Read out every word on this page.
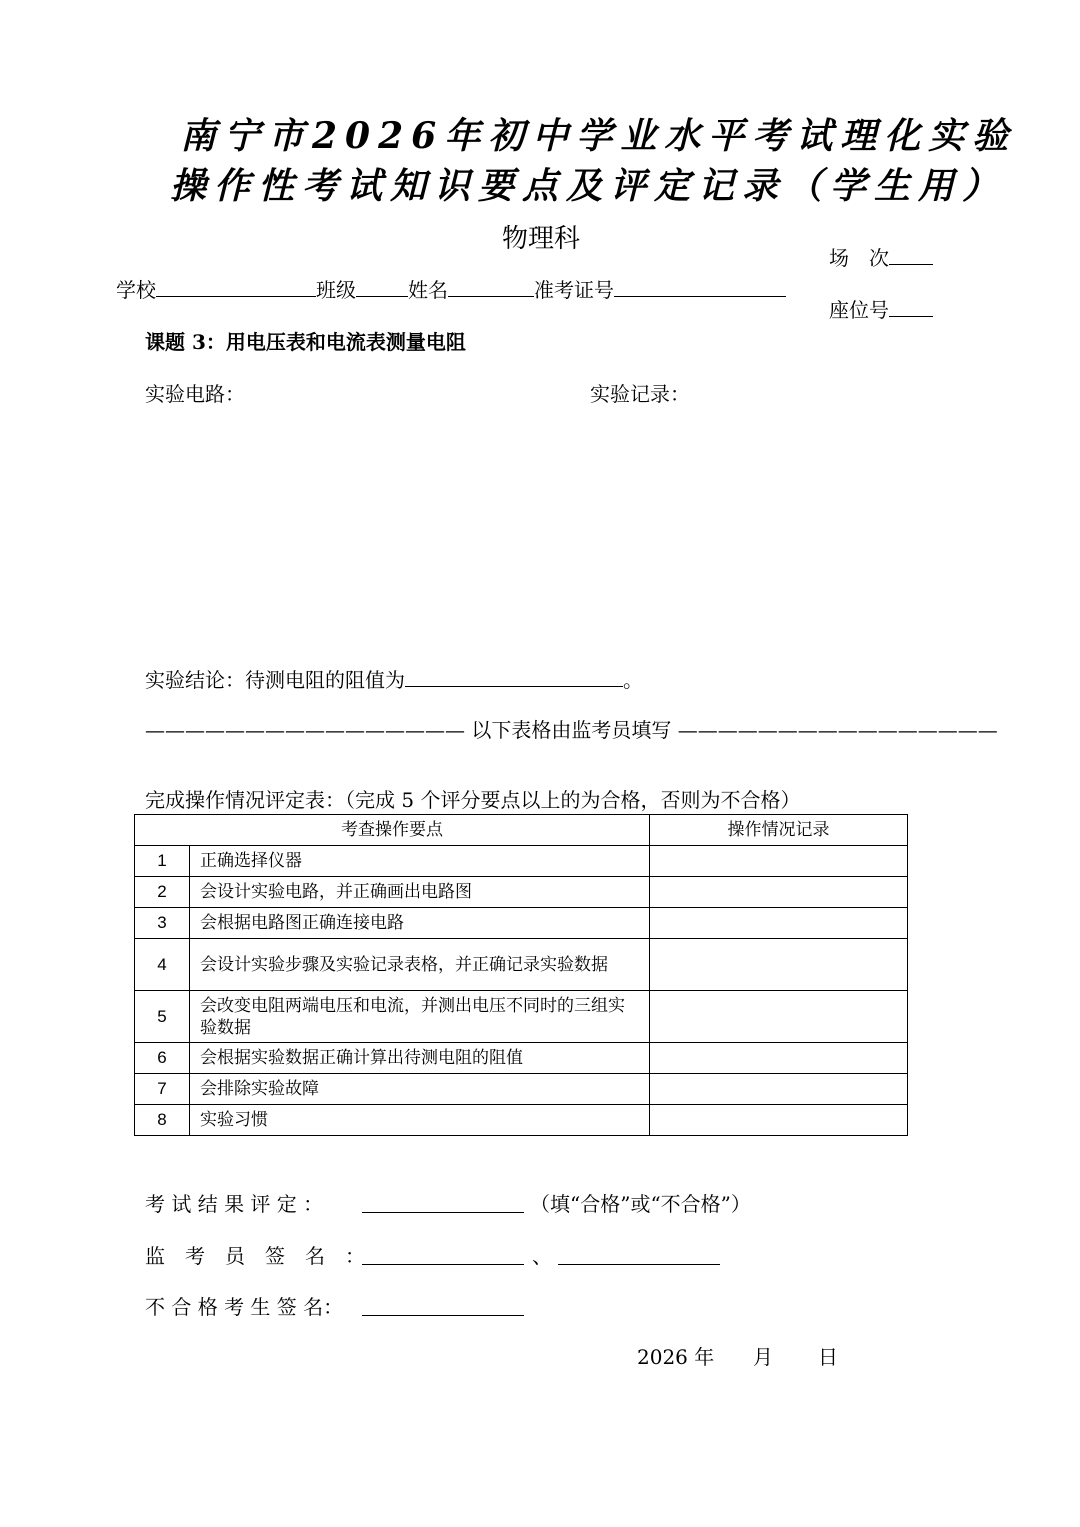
南宁市2026年初中学业水平考试理化实验
操作性考试知识要点及评定记录（学生用）
物理科
场　次
座位号
学校	班级	姓名	准考证号
课题 3：用电压表和电流表测量电阻
实验电路：	实验记录：
实验结论：待测电阻的阻值为	。
———————————————— 以下表格由监考员填写 ————————————————
完成操作情况评定表：（完成 5 个评分要点以上的为合格，否则为不合格）
考查操作要点		操作情况记录
1	正确选择仪器	
2	会设计实验电路，并正确画出电路图	
3	会根据电路图正确连接电路	
4	会设计实验步骤及实验记录表格，并正确记录实验数据	
5	会改变电阻两端电压和电流，并测出电压不同时的三组实验数据	
6	会根据实验数据正确计算出待测电阻的阻值	
7	会排除实验故障	
8	实验习惯	
考 试 结 果 评 定 ：	（填“合格”或“不合格”）
监　考　员　签　名　：	、
不 合 格 考 生 签 名：
2026 年 月 日
